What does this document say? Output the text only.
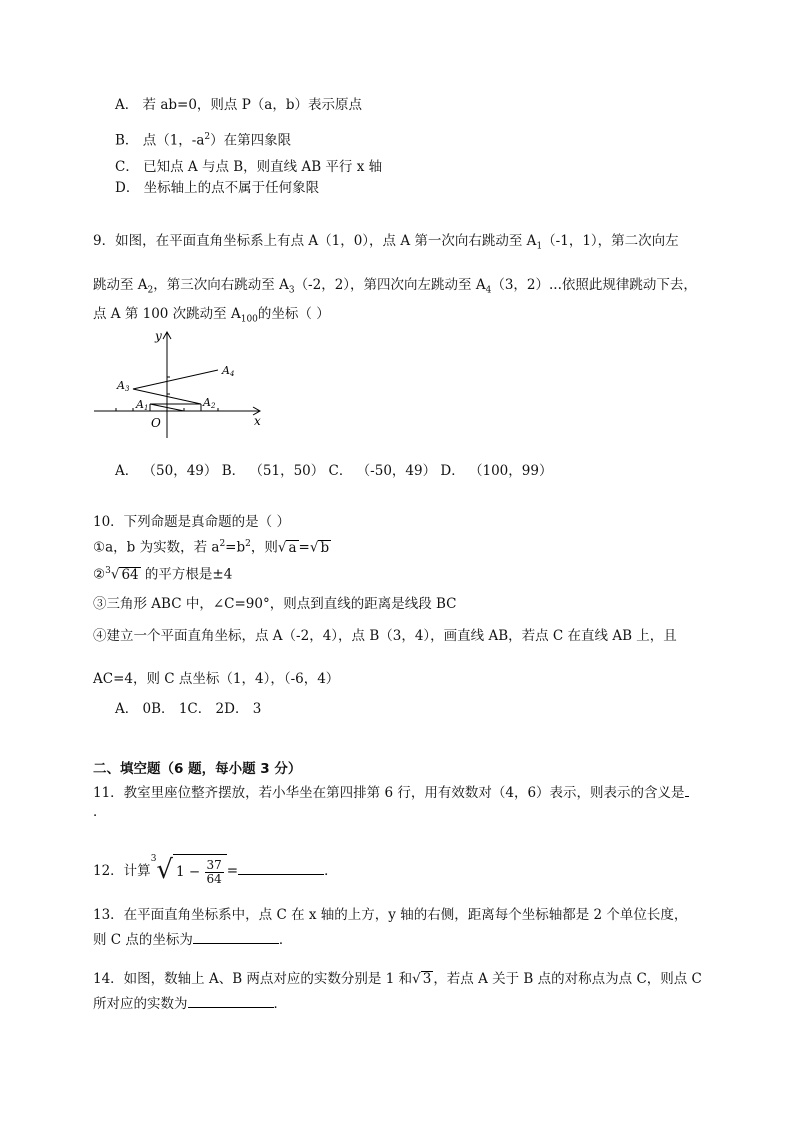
A． 若 ab=0，则点 P（a，b）表示原点
B． 点（1，$-a^2$）在第四象限
C． 已知点 A 与点 B，则直线 AB 平行 x 轴
D． 坐标轴上的点不属于任何象限
9．如图，在平面直角坐标系上有点 A（1，0），点 A 第一次向右跳动至 $A_1(-1$，1），第二次向左
跳动至 $A_2$，第三次向右跳动至 $A_3(-2$，2），第四次向左跳动至 $A_4(3$，2）...依照此规律跳动下去，
点 A 第 100 次跳动至 $A_{100}$的坐标（ ）
y
x
O
A1	A2
A3
A4
A． （50，49） B． （51，50） C． （-50，49） D． （100，99）
10．下列命题是真命题的是（ ）
①a，b 为实数，若 $a^2=b^2$，则√ a =√ b
②$^3$√ 64 的平方根是±4
③三角形 ABC 中，∠C=90°，则点到直线的距离是线段 BC
④建立一个平面直角坐标，点 A（-2，4），点 B（3，4），画直线 AB，若点 C 在直线 AB 上，且
AC=4，则 C 点坐标（1，4），（-6，4）
A． 0B． 1C． 2D． 3
二、填空题（6 题，每小题 3 分）
11．教室里座位整齐摆放，若小华坐在第四排第 6 行，用有效数对（4，6）表示，则表示的含义是
．
12．计算$^3$√ $1 - \frac{37}{64}$ =	．
13．在平面直角坐标系中，点 C 在 x 轴的上方，y 轴的右侧，距离每个坐标轴都是 2 个单位长度，
则 C 点的坐标为	．
14．如图，数轴上 A、B 两点对应的实数分别是 1 和√ 3 ，若点 A 关于 B 点的对称点为点 C，则点 C
所对应的实数为	．
